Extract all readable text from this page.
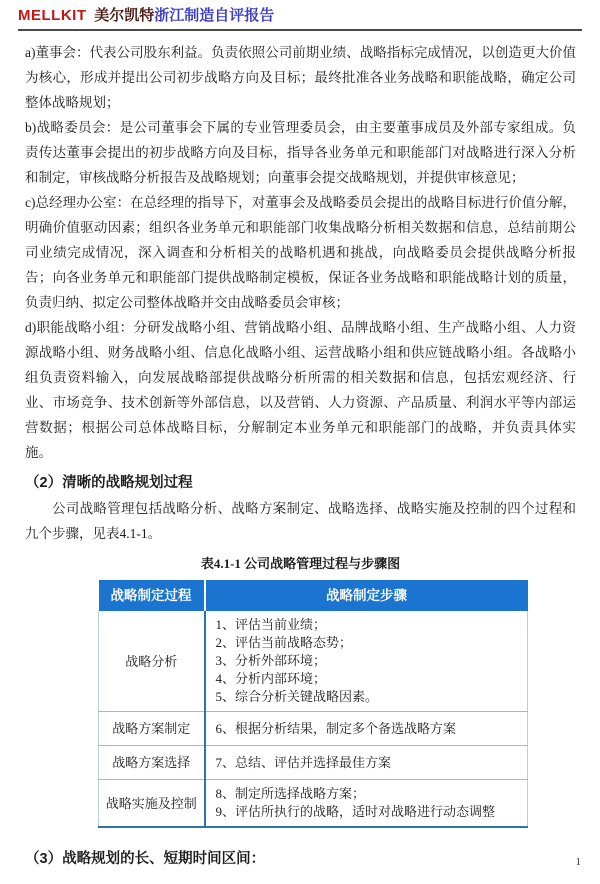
MELLKIT 美尔凯特浙江制造自评报告

a)董事会：代表公司股东利益。负责依照公司前期业绩、战略指标完成情况，以创造更大价值为核心，形成并提出公司初步战略方向及目标；最终批准各业务战略和职能战略，确定公司整体战略规划；

b)战略委员会：是公司董事会下属的专业管理委员会，由主要董事成员及外部专家组成。负责传达董事会提出的初步战略方向及目标，指导各业务单元和职能部门对战略进行深入分析和制定，审核战略分析报告及战略规划；向董事会提交战略规划，并提供审核意见；

c)总经理办公室：在总经理的指导下，对董事会及战略委员会提出的战略目标进行价值分解，明确价值驱动因素；组织各业务单元和职能部门收集战略分析相关数据和信息，总结前期公司业绩完成情况，深入调查和分析相关的战略机遇和挑战，向战略委员会提供战略分析报告；向各业务单元和职能部门提供战略制定模板，保证各业务战略和职能战略计划的质量，负责归纳、拟定公司整体战略并交由战略委员会审核；

d)职能战略小组：分研发战略小组、营销战略小组、品牌战略小组、生产战略小组、人力资源战略小组、财务战略小组、信息化战略小组、运营战略小组和供应链战略小组。各战略小组负责资料输入，向发展战略部提供战略分析所需的相关数据和信息，包括宏观经济、行业、市场竞争、技术创新等外部信息，以及营销、人力资源、产品质量、利润水平等内部运营数据；根据公司总体战略目标，分解制定本业务单元和职能部门的战略，并负责具体实施。

（2）清晰的战略规划过程

公司战略管理包括战略分析、战略方案制定、战略选择、战略实施及控制的四个过程和九个步骤，见表4.1-1。

表4.1-1 公司战略管理过程与步骤图
战略制定过程	战略制定步骤
战略分析	1、评估当前业绩；
2、评估当前战略态势；
3、分析外部环境；
4、分析内部环境；
5、综合分析关键战略因素。

战略方案制定	6、根据分析结果，制定多个备选战略方案

战略方案选择	7、总结、评估并选择最佳方案

战略实施及控制	8、制定所选择战略方案；
9、评估所执行的战略，适时对战略进行动态调整
（3）战略规划的长、短期时间区间：	1
